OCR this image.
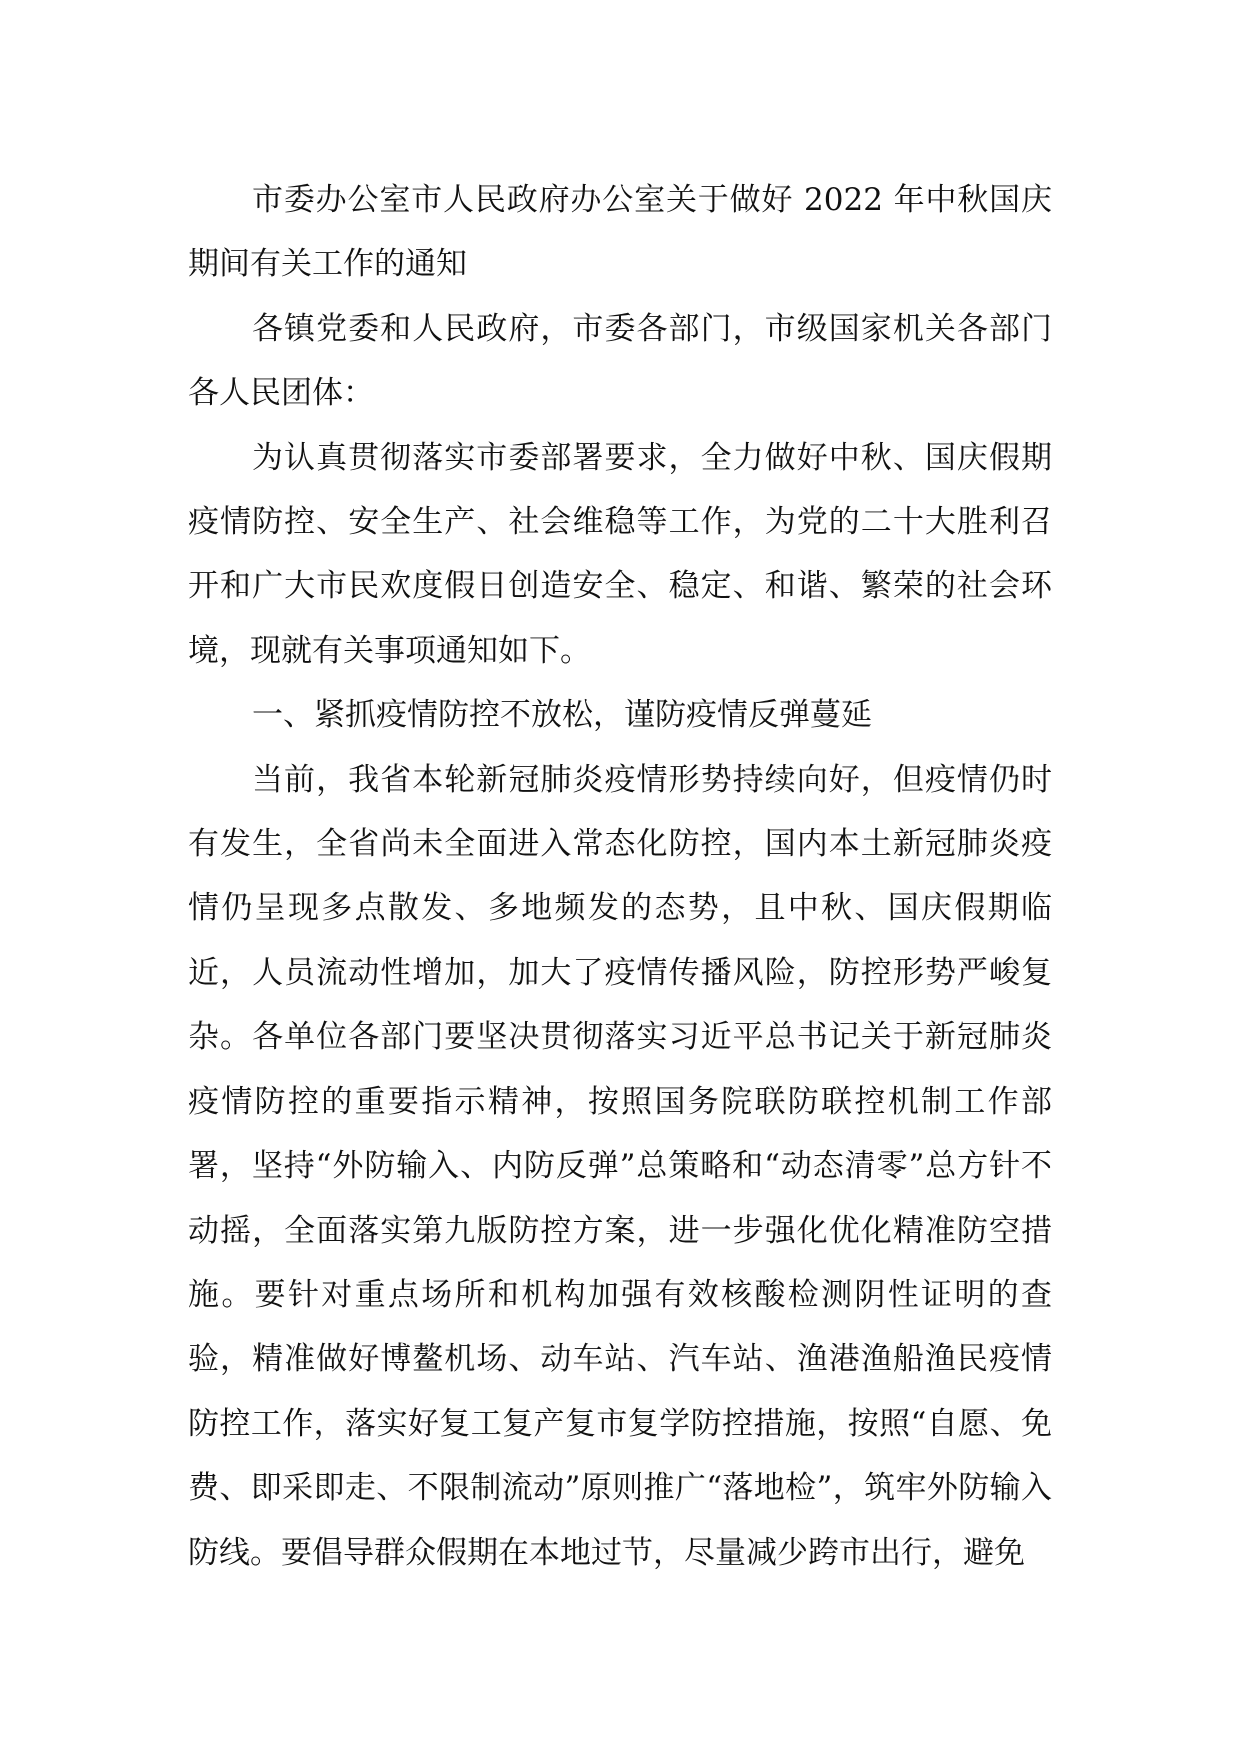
市委办公室市人民政府办公室关于做好 2022 年中秋国庆期间有关工作的通知

各镇党委和人民政府，市委各部门，市级国家机关各部门各人民团体：

为认真贯彻落实市委部署要求，全力做好中秋、国庆假期疫情防控、安全生产、社会维稳等工作，为党的二十大胜利召开和广大市民欢度假日创造安全、稳定、和谐、繁荣的社会环境，现就有关事项通知如下。

一、紧抓疫情防控不放松，谨防疫情反弹蔓延

当前，我省本轮新冠肺炎疫情形势持续向好，但疫情仍时有发生，全省尚未全面进入常态化防控，国内本土新冠肺炎疫情仍呈现多点散发、多地频发的态势，且中秋、国庆假期临近，人员流动性增加，加大了疫情传播风险，防控形势严峻复杂。各单位各部门要坚决贯彻落实习近平总书记关于新冠肺炎疫情防控的重要指示精神，按照国务院联防联控机制工作部署，坚持“外防输入、内防反弹”总策略和“动态清零”总方针不动摇，全面落实第九版防控方案，进一步强化优化精准防空措施。要针对重点场所和机构加强有效核酸检测阴性证明的查验，精准做好博鳌机场、动车站、汽车站、渔港渔船渔民疫情防控工作，落实好复工复产复市复学防控措施，按照“自愿、免费、即采即走、不限制流动”原则推广“落地检”，筑牢外防输入防线。要倡导群众假期在本地过节，尽量减少跨市出行，避免
